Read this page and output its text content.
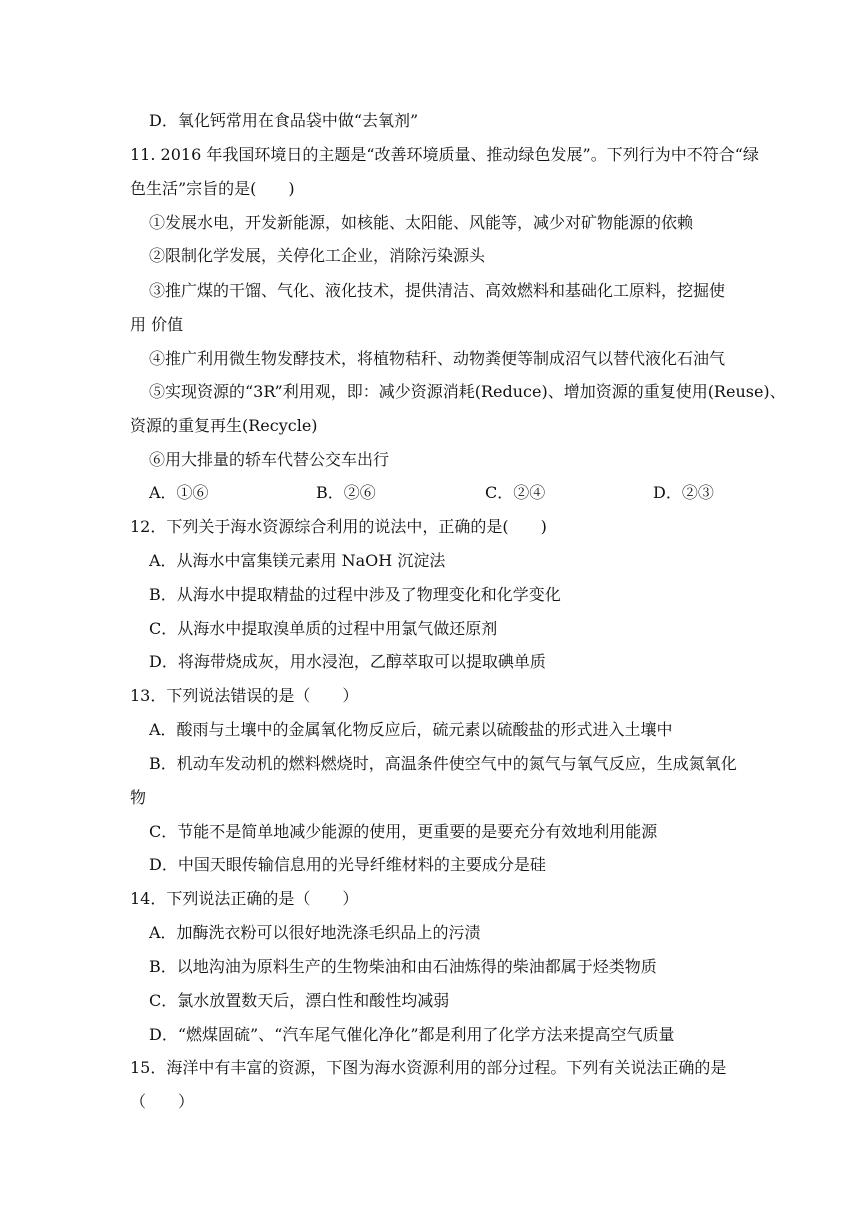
D．氧化钙常用在食品袋中做“去氧剂”
11. 2016 年我国环境日的主题是“改善环境质量、推动绿色发展”。下列行为中不符合“绿
色生活”宗旨的是(　　)
①发展水电，开发新能源，如核能、太阳能、风能等，减少对矿物能源的依赖
②限制化学发展，关停化工企业，消除污染源头
③推广煤的干馏、气化、液化技术，提供清洁、高效燃料和基础化工原料，挖掘使
用 价值
④推广利用微生物发酵技术，将植物秸秆、动物粪便等制成沼气以替代液化石油气
⑤实现资源的“3R”利用观，即：减少资源消耗(Reduce)、增加资源的重复使用(Reuse)、
资源的重复再生(Recycle)
⑥用大排量的轿车代替公交车出行
A．①⑥	B．②⑥	C．②④	D．②③
12．下列关于海水资源综合利用的说法中，正确的是(　　)
A．从海水中富集镁元素用 NaOH 沉淀法
B．从海水中提取精盐的过程中涉及了物理变化和化学变化
C．从海水中提取溴单质的过程中用氯气做还原剂
D．将海带烧成灰，用水浸泡，乙醇萃取可以提取碘单质
13．下列说法错误的是（　　）
A．酸雨与土壤中的金属氧化物反应后，硫元素以硫酸盐的形式进入土壤中
B．机动车发动机的燃料燃烧时，高温条件使空气中的氮气与氧气反应，生成氮氧化
物
C．节能不是简单地减少能源的使用，更重要的是要充分有效地利用能源
D．中国天眼传输信息用的光导纤维材料的主要成分是硅
14．下列说法正确的是（　　）
A．加酶洗衣粉可以很好地洗涤毛织品上的污渍
B．以地沟油为原料生产的生物柴油和由石油炼得的柴油都属于烃类物质
C．氯水放置数天后，漂白性和酸性均减弱
D．“燃煤固硫”、“汽车尾气催化净化”都是利用了化学方法来提高空气质量
15．海洋中有丰富的资源，下图为海水资源利用的部分过程。下列有关说法正确的是
（　　）
